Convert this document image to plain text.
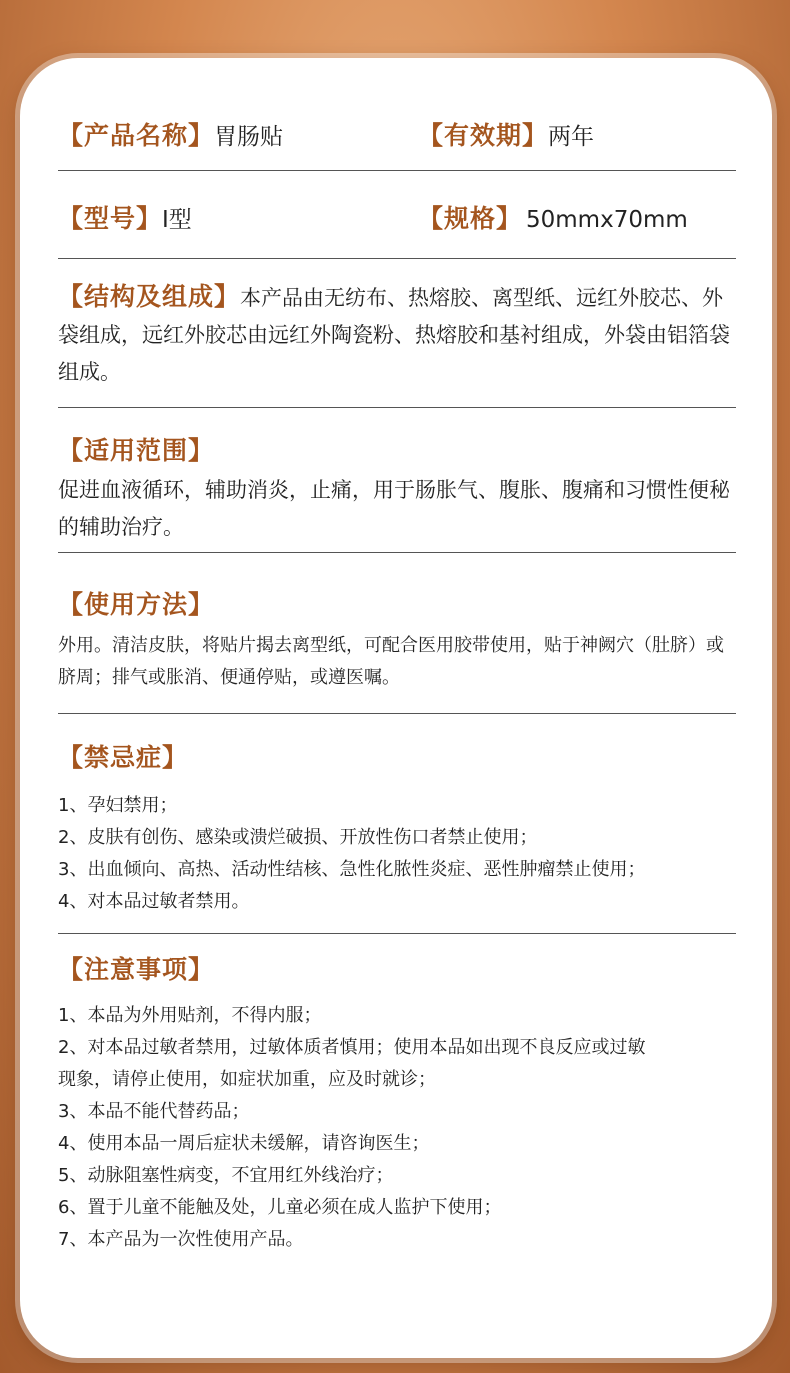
【产品名称】 胃肠贴	【有效期】 两年
【型号】 I型	【规格】 50mmx70mm
【结构及组成】本产品由无纺布、热熔胶、离型纸、远红外胶芯、外袋组成，远红外胶芯由远红外陶瓷粉、热熔胶和基衬组成，外袋由铝箔袋组成。
【适用范围】
促进血液循环，辅助消炎，止痛，用于肠胀气、腹胀、腹痛和习惯性便秘的辅助治疗。
【使用方法】
外用。清洁皮肤，将贴片揭去离型纸，可配合医用胶带使用，贴于神阙穴（肚脐）或脐周；排气或胀消、便通停贴，或遵医嘱。
【禁忌症】
1、孕妇禁用；
2、皮肤有创伤、感染或溃烂破损、开放性伤口者禁止使用；
3、出血倾向、高热、活动性结核、急性化脓性炎症、恶性肿瘤禁止使用；
4、对本品过敏者禁用。
【注意事项】
1、本品为外用贴剂，不得内服；
2、对本品过敏者禁用，过敏体质者慎用；使用本品如出现不良反应或过敏
现象，请停止使用，如症状加重，应及时就诊；
3、本品不能代替药品；
4、使用本品一周后症状未缓解，请咨询医生；
5、动脉阻塞性病变，不宜用红外线治疗；
6、置于儿童不能触及处，儿童必须在成人监护下使用；
7、本产品为一次性使用产品。
